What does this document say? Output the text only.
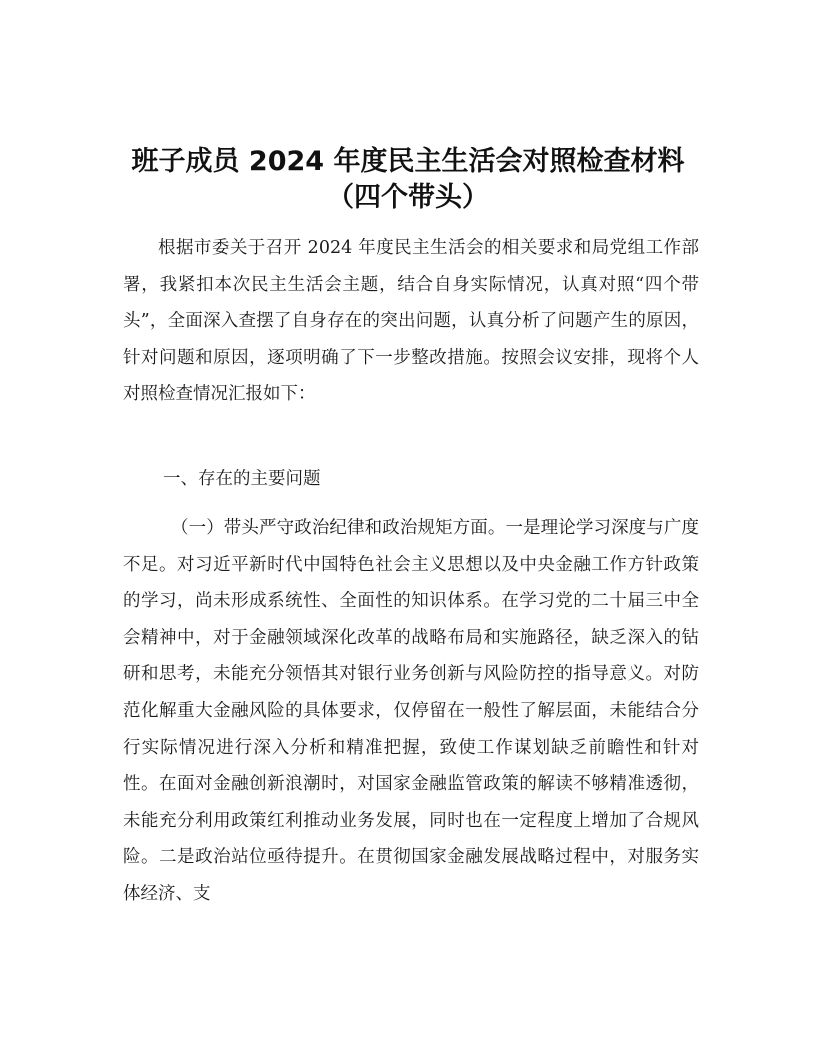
班子成员 2024 年度民主生活会对照检查材料
（四个带头）

根据市委关于召开 2024 年度民主生活会的相关要求和局党组工作部署，我紧扣本次民主生活会主题，结合自身实际情况，认真对照“四个带头”，全面深入查摆了自身存在的突出问题，认真分析了问题产生的原因，针对问题和原因，逐项明确了下一步整改措施。按照会议安排，现将个人对照检查情况汇报如下：

一、存在的主要问题

（一）带头严守政治纪律和政治规矩方面。一是理论学习深度与广度不足。对习近平新时代中国特色社会主义思想以及中央金融工作方针政策的学习，尚未形成系统性、全面性的知识体系。在学习党的二十届三中全会精神中，对于金融领域深化改革的战略布局和实施路径，缺乏深入的钻研和思考，未能充分领悟其对银行业务创新与风险防控的指导意义。对防范化解重大金融风险的具体要求，仅停留在一般性了解层面，未能结合分行实际情况进行深入分析和精准把握，致使工作谋划缺乏前瞻性和针对性。在面对金融创新浪潮时，对国家金融监管政策的解读不够精准透彻，未能充分利用政策红利推动业务发展，同时也在一定程度上增加了合规风险。二是政治站位亟待提升。在贯彻国家金融发展战略过程中，对服务实体经济、支
